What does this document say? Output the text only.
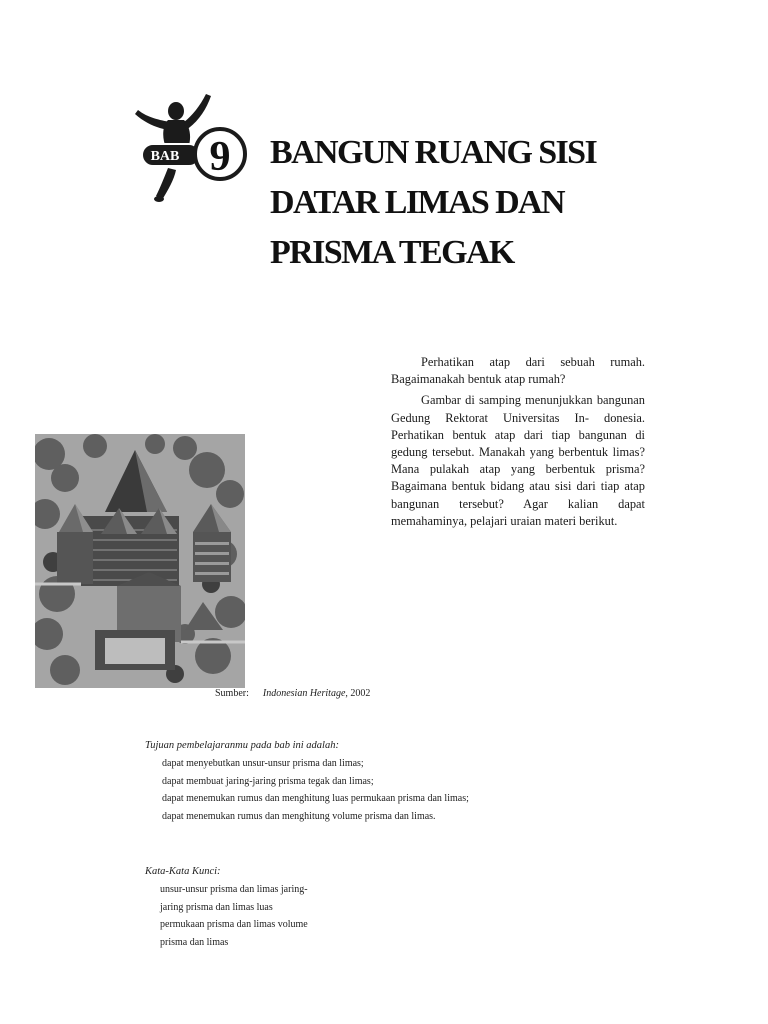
BAB 9 BANGUN RUANG SISI
DATAR LIMAS DAN
PRISMA TEGAK

Perhatikan atap dari sebuah rumah. Bagaimanakah bentuk atap rumah?

Gambar di samping menunjukkan bangunan Gedung Rektorat Universitas In- donesia. Perhatikan bentuk atap dari tiap bangunan di gedung tersebut. Manakah yang berbentuk limas? Mana pulakah atap yang berbentuk prisma? Bagaimana bentuk bidang atau sisi dari tiap atap bangunan tersebut? Agar kalian dapat memahaminya, pelajari uraian materi berikut.

Sumber: Indonesian Heritage, 2002
Tujuan pembelajaranmu pada bab ini adalah:
dapat menyebutkan unsur-unsur prisma dan limas;
dapat membuat jaring-jaring prisma tegak dan limas;
dapat menemukan rumus dan menghitung luas permukaan prisma dan limas;
dapat menemukan rumus dan menghitung volume prisma dan limas.
Kata-Kata Kunci:
unsur-unsur prisma dan limas jaring-
jaring prisma dan limas luas
permukaan prisma dan limas volume
prisma dan limas
